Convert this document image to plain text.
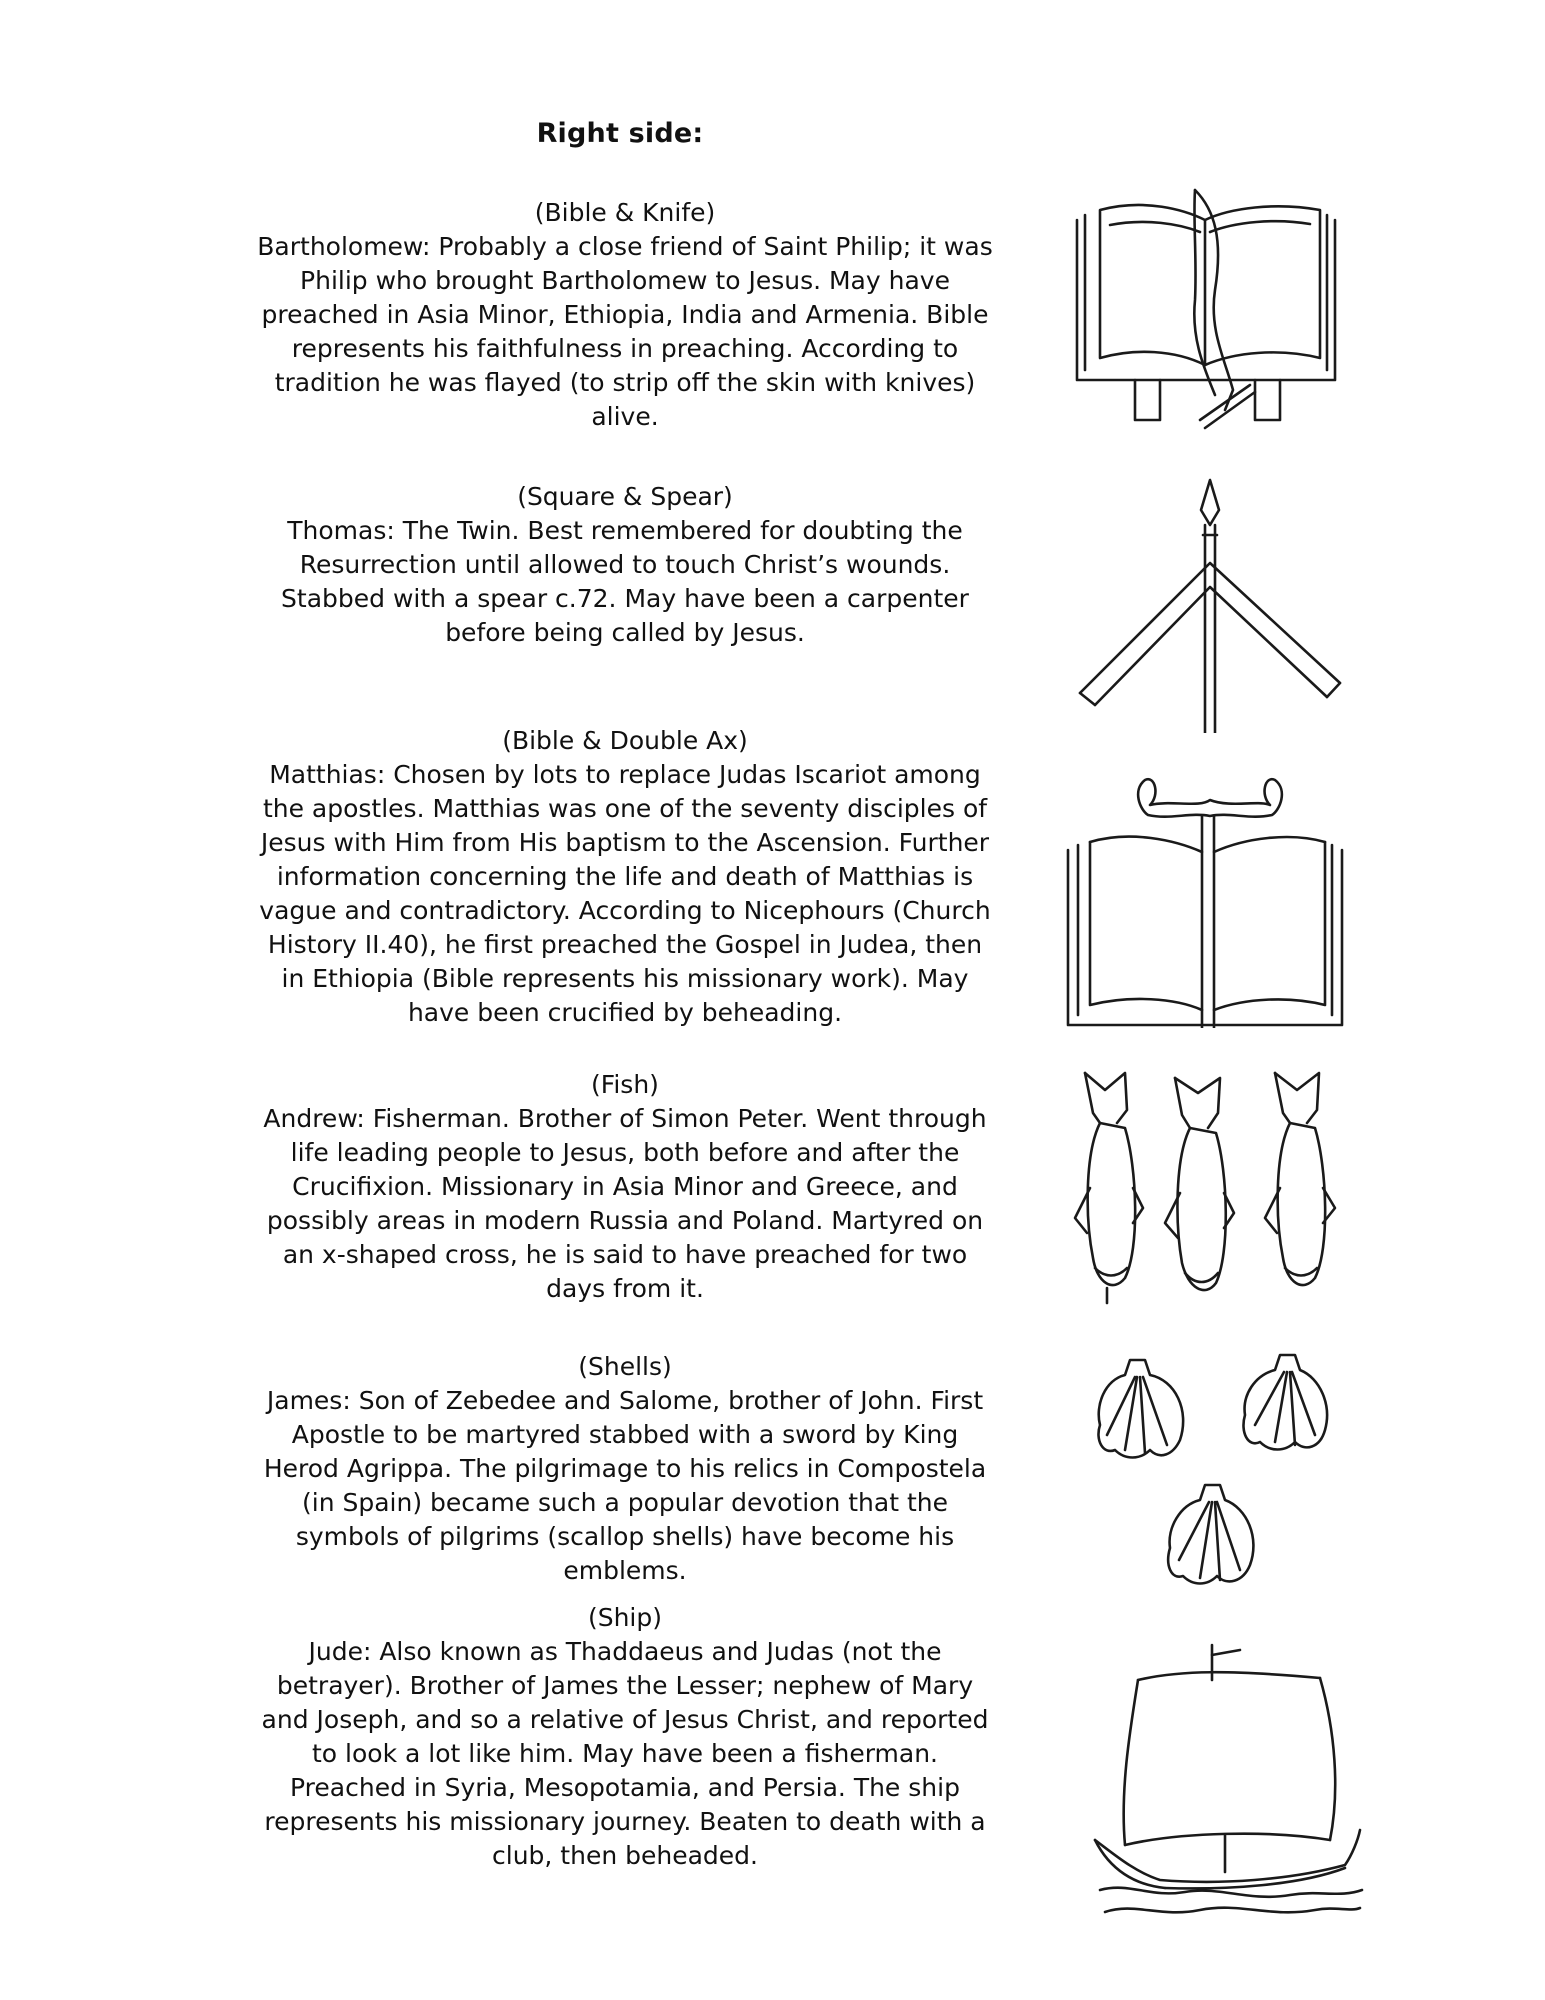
Right side:

(Bible & Knife)

Bartholomew: Probably a close friend of Saint Philip; it was Philip who brought Bartholomew to Jesus. May have preached in Asia Minor, Ethiopia, India and Armenia. Bible represents his faithfulness in preaching. According to tradition he was flayed (to strip off the skin with knives) alive.

(Square & Spear)

Thomas: The Twin. Best remembered for doubting the Resurrection until allowed to touch Christ’s wounds. Stabbed with a spear c.72. May have been a carpenter before being called by Jesus.

(Bible & Double Ax)

Matthias: Chosen by lots to replace Judas Iscariot among the apostles. Matthias was one of the seventy disciples of Jesus with Him from His baptism to the Ascension. Further information concerning the life and death of Matthias is vague and contradictory. According to Nicephours (Church History II.40), he first preached the Gospel in Judea, then in Ethiopia (Bible represents his missionary work). May have been crucified by beheading.

(Fish)

Andrew: Fisherman. Brother of Simon Peter. Went through life leading people to Jesus, both before and after the Crucifixion. Missionary in Asia Minor and Greece, and possibly areas in modern Russia and Poland. Martyred on an x-shaped cross, he is said to have preached for two days from it.

(Shells)

James: Son of Zebedee and Salome, brother of John. First Apostle to be martyred stabbed with a sword by King Herod Agrippa. The pilgrimage to his relics in Compostela (in Spain) became such a popular devotion that the symbols of pilgrims (scallop shells) have become his emblems.

(Ship)

Jude: Also known as Thaddaeus and Judas (not the betrayer). Brother of James the Lesser; nephew of Mary and Joseph, and so a relative of Jesus Christ, and reported to look a lot like him. May have been a fisherman. Preached in Syria, Mesopotamia, and Persia. The ship represents his missionary journey. Beaten to death with a club, then beheaded.
